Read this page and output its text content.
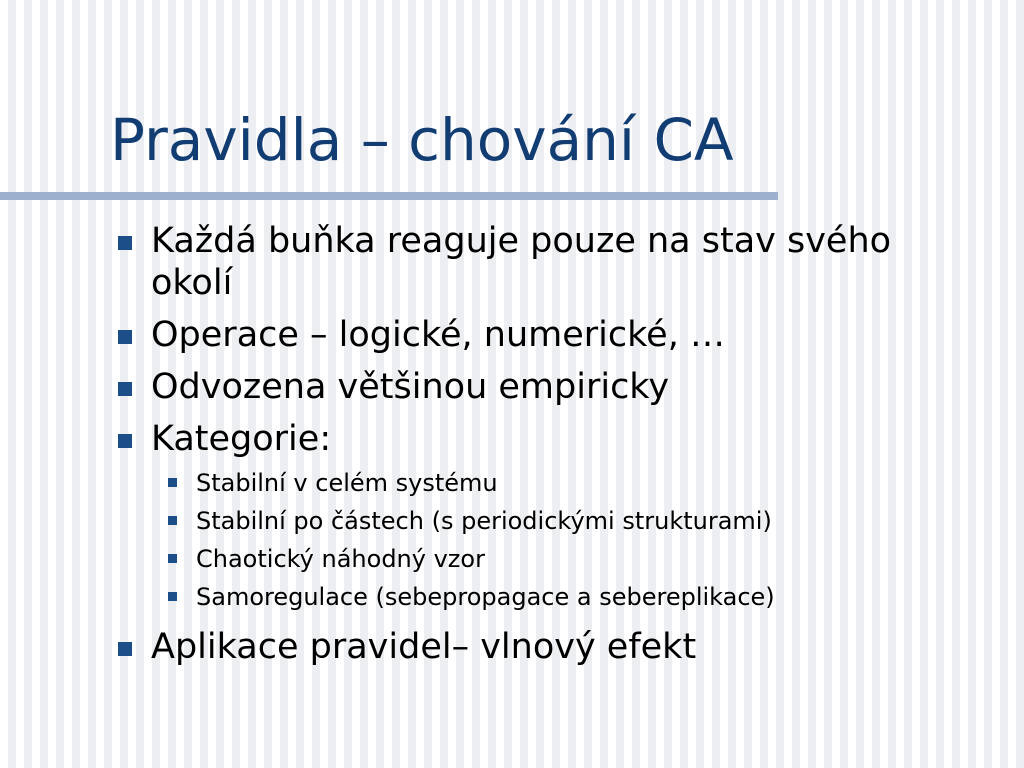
Pravidla – chování CA
Každá buňka reaguje pouze na stav svého okolí
Operace – logické, numerické, …
Odvozena většinou empiricky
Kategorie:
Stabilní v celém systému
Stabilní po částech (s periodickými strukturami)
Chaotický náhodný vzor
Samoregulace (sebepropagace a sebereplikace)
Aplikace pravidel– vlnový efekt
